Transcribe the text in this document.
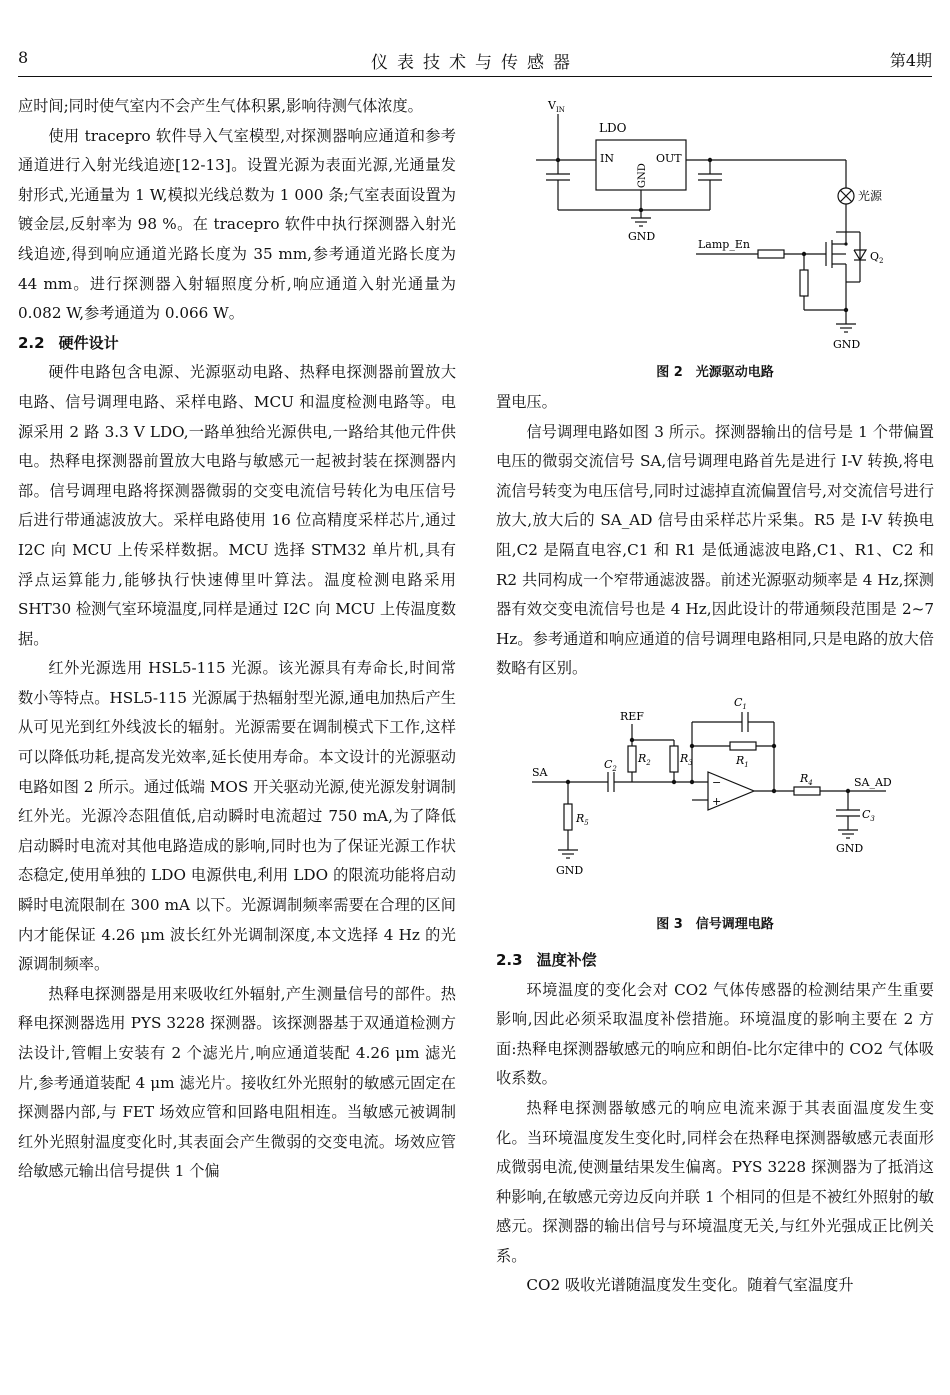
8	仪表技术与传感器	第4期

应时间;同时使气室内不会产生气体积累,影响待测气体浓度。

使用 tracepro 软件导入气室模型,对探测器响应通道和参考通道进行入射光线追迹[12-13]。设置光源为表面光源,光通量发射形式,光通量为 1 W,模拟光线总数为 1 000 条;气室表面设置为镀金层,反射率为 98 %。在 tracepro 软件中执行探测器入射光线追迹,得到响应通道光路长度为 35 mm,参考通道光路长度为 44 mm。进行探测器入射辐照度分析,响应通道入射光通量为 0.082 W,参考通道为 0.066 W。

2.2 硬件设计

硬件电路包含电源、光源驱动电路、热释电探测器前置放大电路、信号调理电路、采样电路、MCU 和温度检测电路等。电源采用 2 路 3.3 V LDO,一路单独给光源供电,一路给其他元件供电。热释电探测器前置放大电路与敏感元一起被封装在探测器内部。信号调理电路将探测器微弱的交变电流信号转化为电压信号后进行带通滤波放大。采样电路使用 16 位高精度采样芯片,通过 I2C 向 MCU 上传采样数据。MCU 选择 STM32 单片机,具有浮点运算能力,能够执行快速傅里叶算法。温度检测电路采用 SHT30 检测气室环境温度,同样是通过 I2C 向 MCU 上传温度数据。

红外光源选用 HSL5-115 光源。该光源具有寿命长,时间常数小等特点。HSL5-115 光源属于热辐射型光源,通电加热后产生从可见光到红外线波长的辐射。光源需要在调制模式下工作,这样可以降低功耗,提高发光效率,延长使用寿命。本文设计的光源驱动电路如图 2 所示。通过低端 MOS 开关驱动光源,使光源发射调制红外光。光源冷态阻值低,启动瞬时电流超过 750 mA,为了降低启动瞬时电流对其他电路造成的影响,同时也为了保证光源工作状态稳定,使用单独的 LDO 电源供电,利用 LDO 的限流功能将启动瞬时电流限制在 300 mA 以下。光源调制频率需要在合理的区间内才能保证 4.26 μm 波长红外光调制深度,本文选择 4 Hz 的光源调制频率。

热释电探测器是用来吸收红外辐射,产生测量信号的部件。热释电探测器选用 PYS 3228 探测器。该探测器基于双通道检测方法设计,管帽上安装有 2 个滤光片,响应通道装配 4.26 μm 滤光片,参考通道装配 4 μm 滤光片。接收红外光照射的敏感元固定在探测器内部,与 FET 场效应管和回路电阻相连。当敏感元被调制红外光照射温度变化时,其表面会产生微弱的交变电流。场效应管给敏感元输出信号提供 1 个偏

$V_{IN}$
LDO
IN	OUT
GND
GND
光源
Lamp_En
$Q_2$
GND
图 2　光源驱动电路

置电压。

信号调理电路如图 3 所示。探测器输出的信号是 1 个带偏置电压的微弱交流信号 SA,信号调理电路首先是进行 I-V 转换,将电流信号转变为电压信号,同时过滤掉直流偏置信号,对交流信号进行放大,放大后的 SA_AD 信号由采样芯片采集。R5 是 I-V 转换电阻,C2 是隔直电容,C1 和 R1 是低通滤波电路,C1、R1、C2 和 R2 共同构成一个窄带通滤波器。前述光源驱动频率是 4 Hz,探测器有效交变电流信号也是 4 Hz,因此设计的带通频段范围是 2~7 Hz。参考通道和响应通道的信号调理电路相同,只是电路的放大倍数略有区别。

$C_1$
REF
$R_1$
$R_2$	$R_3$
$C_2$
−
+
$R_4$	SA_AD
$C_3$
SA
$R_5$
GND
GND
图 3　信号调理电路

2.3 温度补偿

环境温度的变化会对 CO2 气体传感器的检测结果产生重要影响,因此必须采取温度补偿措施。环境温度的影响主要在 2 方面:热释电探测器敏感元的响应和朗伯-比尔定律中的 CO2 气体吸收系数。

热释电探测器敏感元的响应电流来源于其表面温度发生变化。当环境温度发生变化时,同样会在热释电探测器敏感元表面形成微弱电流,使测量结果发生偏离。PYS 3228 探测器为了抵消这种影响,在敏感元旁边反向并联 1 个相同的但是不被红外照射的敏感元。探测器的输出信号与环境温度无关,与红外光强成正比例关系。

CO2 吸收光谱随温度发生变化。随着气室温度升
